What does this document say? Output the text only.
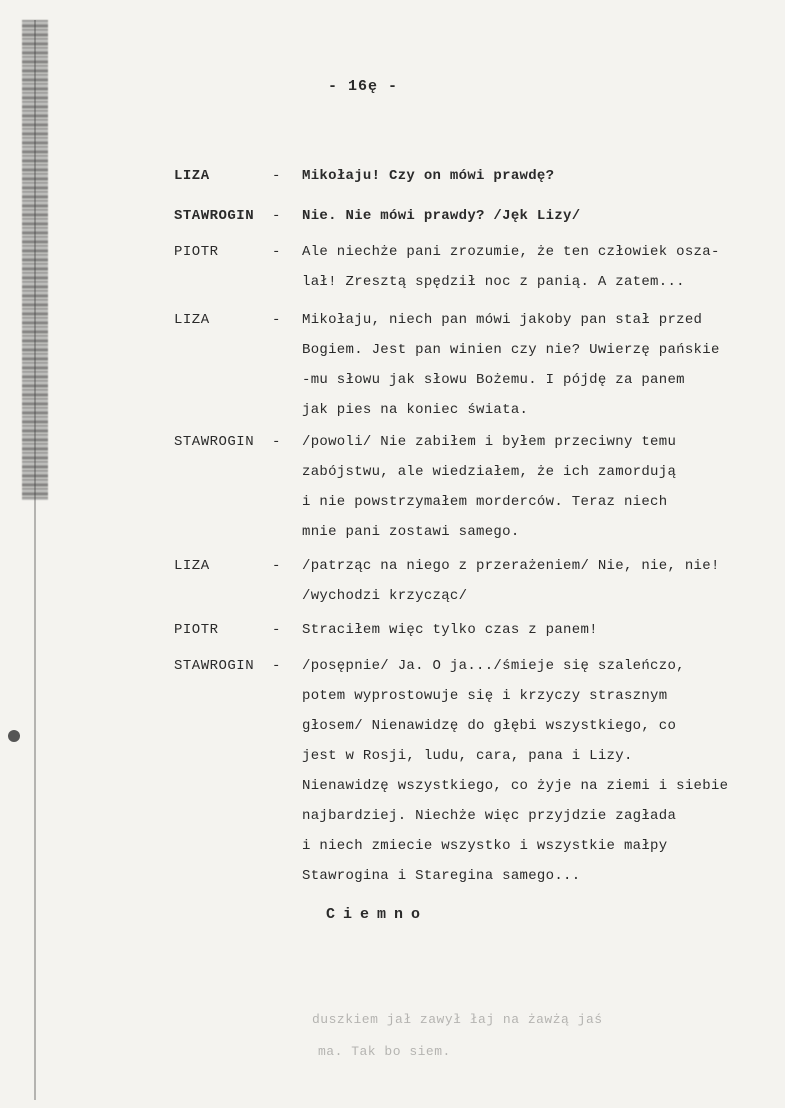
- 16ę -
LIZA	- Mikołaju! Czy on mówi prawdę?
STAWROGIN - Nie. Nie mówi prawdy? /Jęk Lizy/
PIOTR	- Ale niechże pani zrozumie, że ten człowiek osza-
lał! Zresztą spędził noc z panią. A zatem...
LIZA	- Mikołaju, niech pan mówi jakoby pan stał przed
Bogiem. Jest pan winien czy nie? Uwierzę pańskie
-mu słowu jak słowu Bożemu. I pójdę za panem
jak pies na koniec świata.
STAWROGIN - /powoli/ Nie zabiłem i byłem przeciwny temu
zabójstwu, ale wiedziałem, że ich zamordują
i nie powstrzymałem morderców. Teraz niech
mnie pani zostawi samego.
LIZA	- /patrząc na niego z przerażeniem/ Nie, nie, nie!
/wychodzi krzycząc/
PIOTR	- Straciłem więc tylko czas z panem!
STAWROGIN - /posępnie/ Ja. O ja.../śmieje się szaleńczo,
potem wyprostowuje się i krzyczy strasznym
głosem/ Nienawidzę do głębi wszystkiego, co
jest w Rosji, ludu, cara, pana i Lizy.
Nienawidzę wszystkiego, co żyje na ziemi i siebie
najbardziej. Niechże więc przyjdzie zagłada
i niech zmiecie wszystko i wszystkie małpy
Stawrogina i Staregina samego...
Ciemno
duszkiem jał zawył łaj na żawżą jaś
ma. Tak bo siem.
